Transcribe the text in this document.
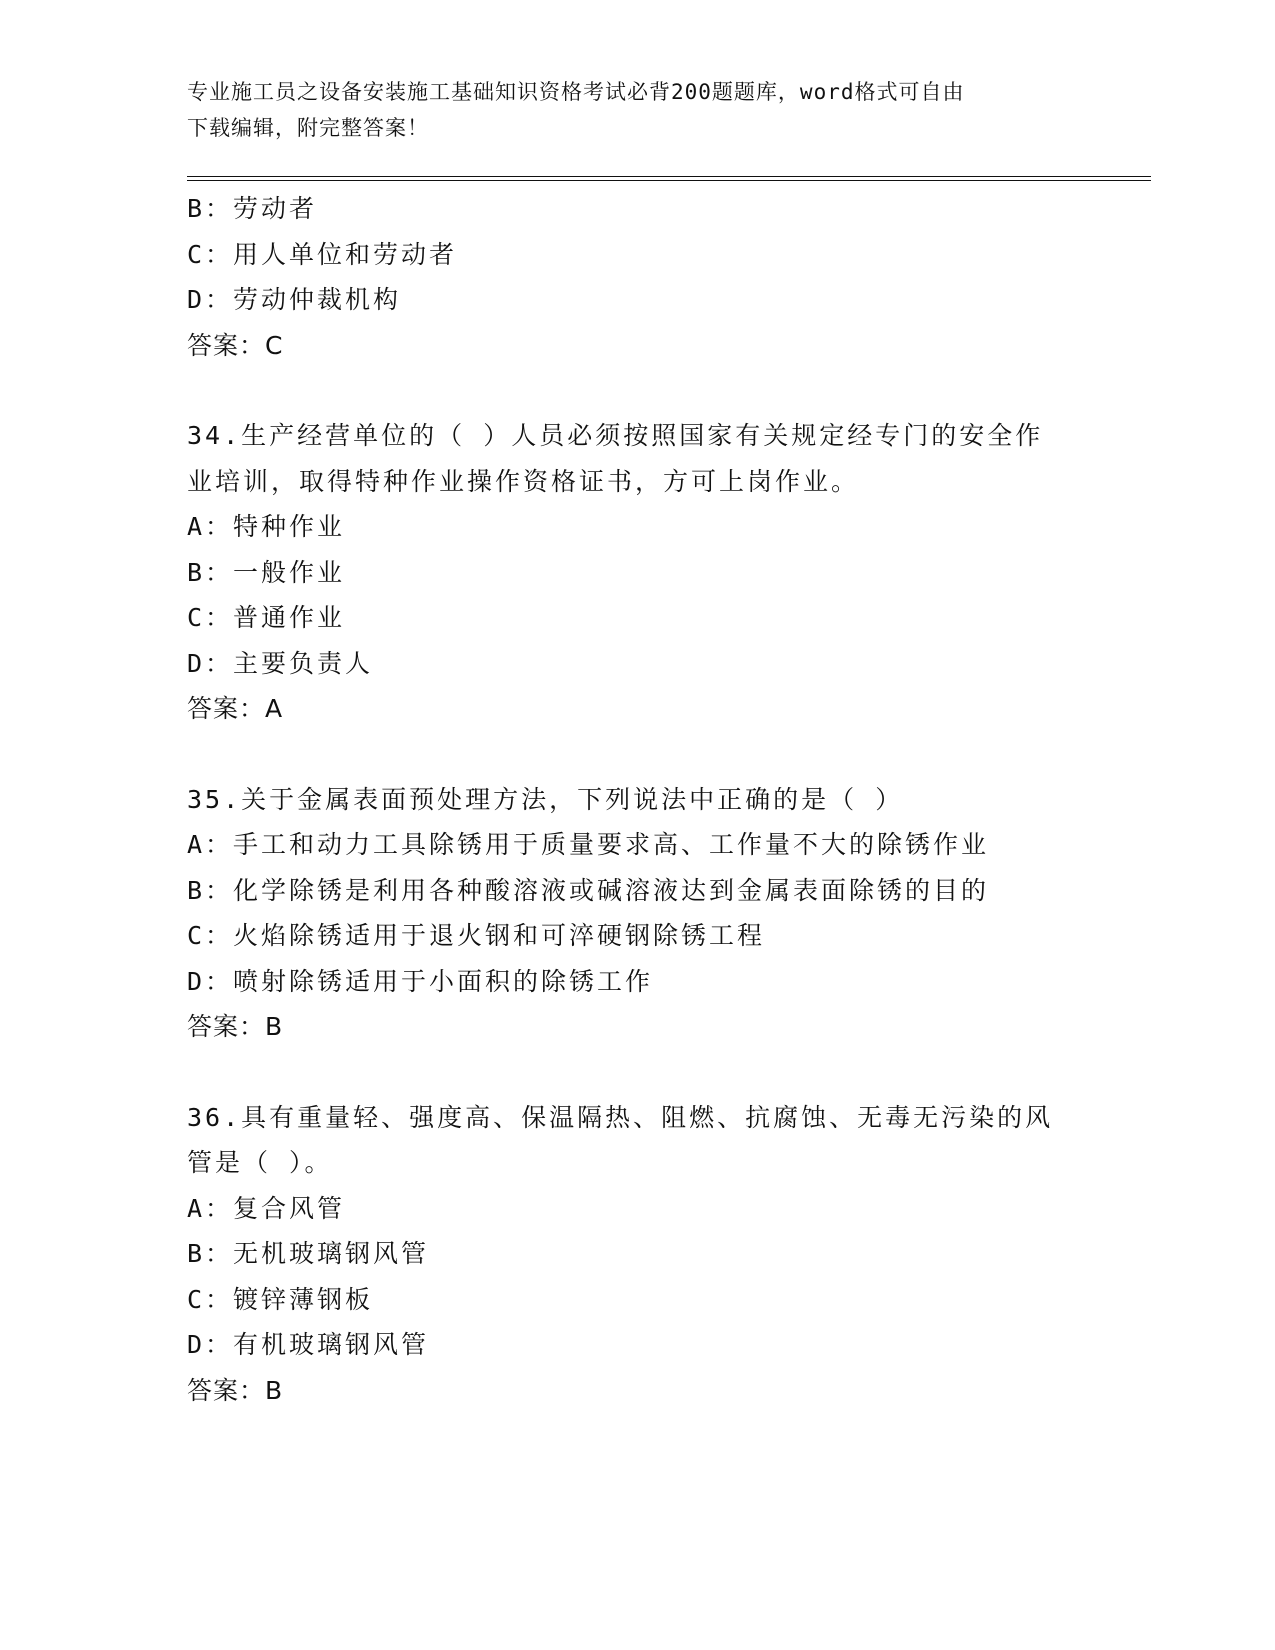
专业施工员之设备安装施工基础知识资格考试必背200题题库，word格式可自由
下载编辑，附完整答案！

B：劳动者

C：用人单位和劳动者

D：劳动仲裁机构

答案：C

34.生产经营单位的（ ）人员必须按照国家有关规定经专门的安全作

业培训，取得特种作业操作资格证书，方可上岗作业。

A：特种作业

B：一般作业

C：普通作业

D：主要负责人

答案：A

35.关于金属表面预处理方法，下列说法中正确的是（ ）

A：手工和动力工具除锈用于质量要求高、工作量不大的除锈作业

B：化学除锈是利用各种酸溶液或碱溶液达到金属表面除锈的目的

C：火焰除锈适用于退火钢和可淬硬钢除锈工程

D：喷射除锈适用于小面积的除锈工作

答案：B

36.具有重量轻、强度高、保温隔热、阻燃、抗腐蚀、无毒无污染的风

管是（ ）。

A：复合风管

B：无机玻璃钢风管

C：镀锌薄钢板

D：有机玻璃钢风管

答案：B
